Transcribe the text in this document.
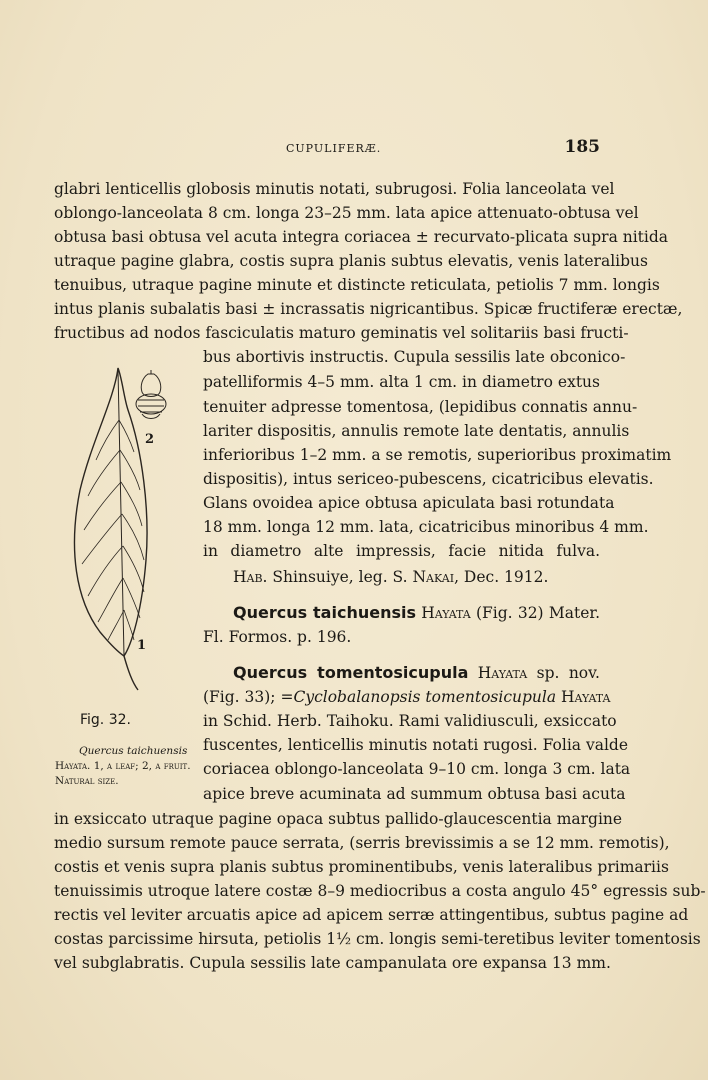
CUPULIFERÆ.	185
glabri lenticellis globosis minutis notati, subrugosi. Folia lanceolata vel
oblongo-lanceolata 8 cm. longa 23–25 mm. lata apice attenuato-obtusa vel
obtusa basi obtusa vel acuta integra coriacea ± recurvato-plicata supra nitida
utraque pagine glabra, costis supra planis subtus elevatis, venis lateralibus
tenuibus, utraque pagine minute et distincte reticulata, petiolis 7 mm. longis
intus planis subalatis basi ± incrassatis nigricantibus. Spicæ fructiferæ erectæ,
fructibus ad nodos fasciculatis maturo geminatis vel solitariis basi fructi-
bus abortivis instructis. Cupula sessilis late obconico-
patelliformis 4–5 mm. alta 1 cm. in diametro extus
tenuiter adpresse tomentosa, (lepidibus connatis annu-
lariter dispositis, annulis remote late dentatis, annulis
inferioribus 1–2 mm. a se remotis, superioribus proximatim
dispositis), intus sericeo-pubescens, cicatricibus elevatis.
Glans ovoidea apice obtusa apiculata basi rotundata
18 mm. longa 12 mm. lata, cicatricibus minoribus 4 mm.
in diametro alte impressis, facie nitida fulva.
Hab. Shinsuiye, leg. S. Nakai, Dec. 1912.
Quercus taichuensis Hayata (Fig. 32) Mater.
Fl. Formos. p. 196.
Quercus tomentosicupula Hayata sp. nov.
(Fig. 33); =Cyclobalanopsis tomentosicupula Hayata
in Schid. Herb. Taihoku. Rami validiusculi, exsiccato
fuscentes, lenticellis minutis notati rugosi. Folia valde
coriacea oblongo-lanceolata 9–10 cm. longa 3 cm. lata
apice breve acuminata ad summum obtusa basi acuta
in exsiccato utraque pagine opaca subtus pallido-glaucescentia margine
medio sursum remote pauce serrata, (serris brevissimis a se 12 mm. remotis),
costis et venis supra planis subtus prominentibubs, venis lateralibus primariis
tenuissimis utroque latere costæ 8–9 mediocribus a costa angulo 45° egressis sub-
rectis vel leviter arcuatis apice ad apicem serræ attingentibus, subtus pagine ad
costas parcissime hirsuta, petiolis 1½ cm. longis semi-teretibus leviter tomentosis
vel subglabratis. Cupula sessilis late campanulata ore expansa 13 mm.
2
1
Fig. 32.
Quercus taichuensis
Hayata. 1, a leaf; 2, a fruit. Natural size.
